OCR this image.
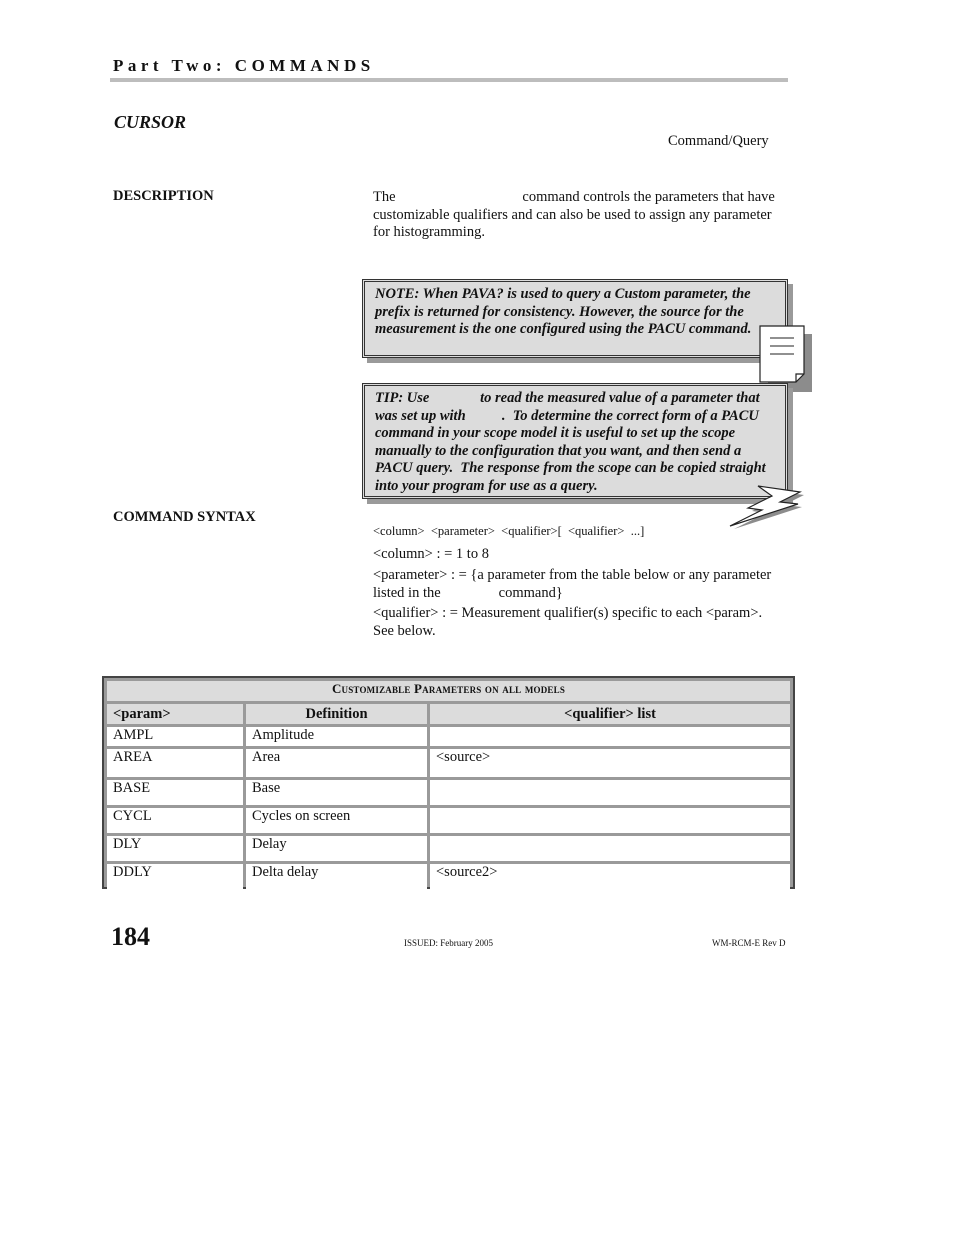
Part Two: COMMANDS
CURSOR
Command/Query
DESCRIPTION	The                                   command controls the parameters that have customizable qualifiers and can also be used to assign any parameter for histogramming.
NOTE: When PAVA? is used to query a Custom parameter, the prefix is returned for consistency. However, the source for the measurement is the one configured using the PACU command.
TIP: Use              to read the measured value of a parameter that was set up with          .  To determine the correct form of a PACU command in your scope model it is useful to set up the scope manually to the configuration that you want, and then send a PACU query.  The response from the scope can be copied straight into your program for use as a query.
COMMAND SYNTAX
<column>  <parameter>  <qualifier>[  <qualifier>  ...]
<column> : = 1 to 8
<parameter> : = {a parameter from the table below or any parameter listed in the                command}
<qualifier> : = Measurement qualifier(s) specific to each <param>. See below.
Customizable Parameters on all models		
<param>	Definition	<qualifier> list
AMPL	Amplitude	
AREA	Area	<source>
BASE	Base	
CYCL	Cycles on screen	
DLY	Delay	
DDLY	Delta delay	<source2>
184	ISSUED: February 2005	WM-RCM-E Rev D
